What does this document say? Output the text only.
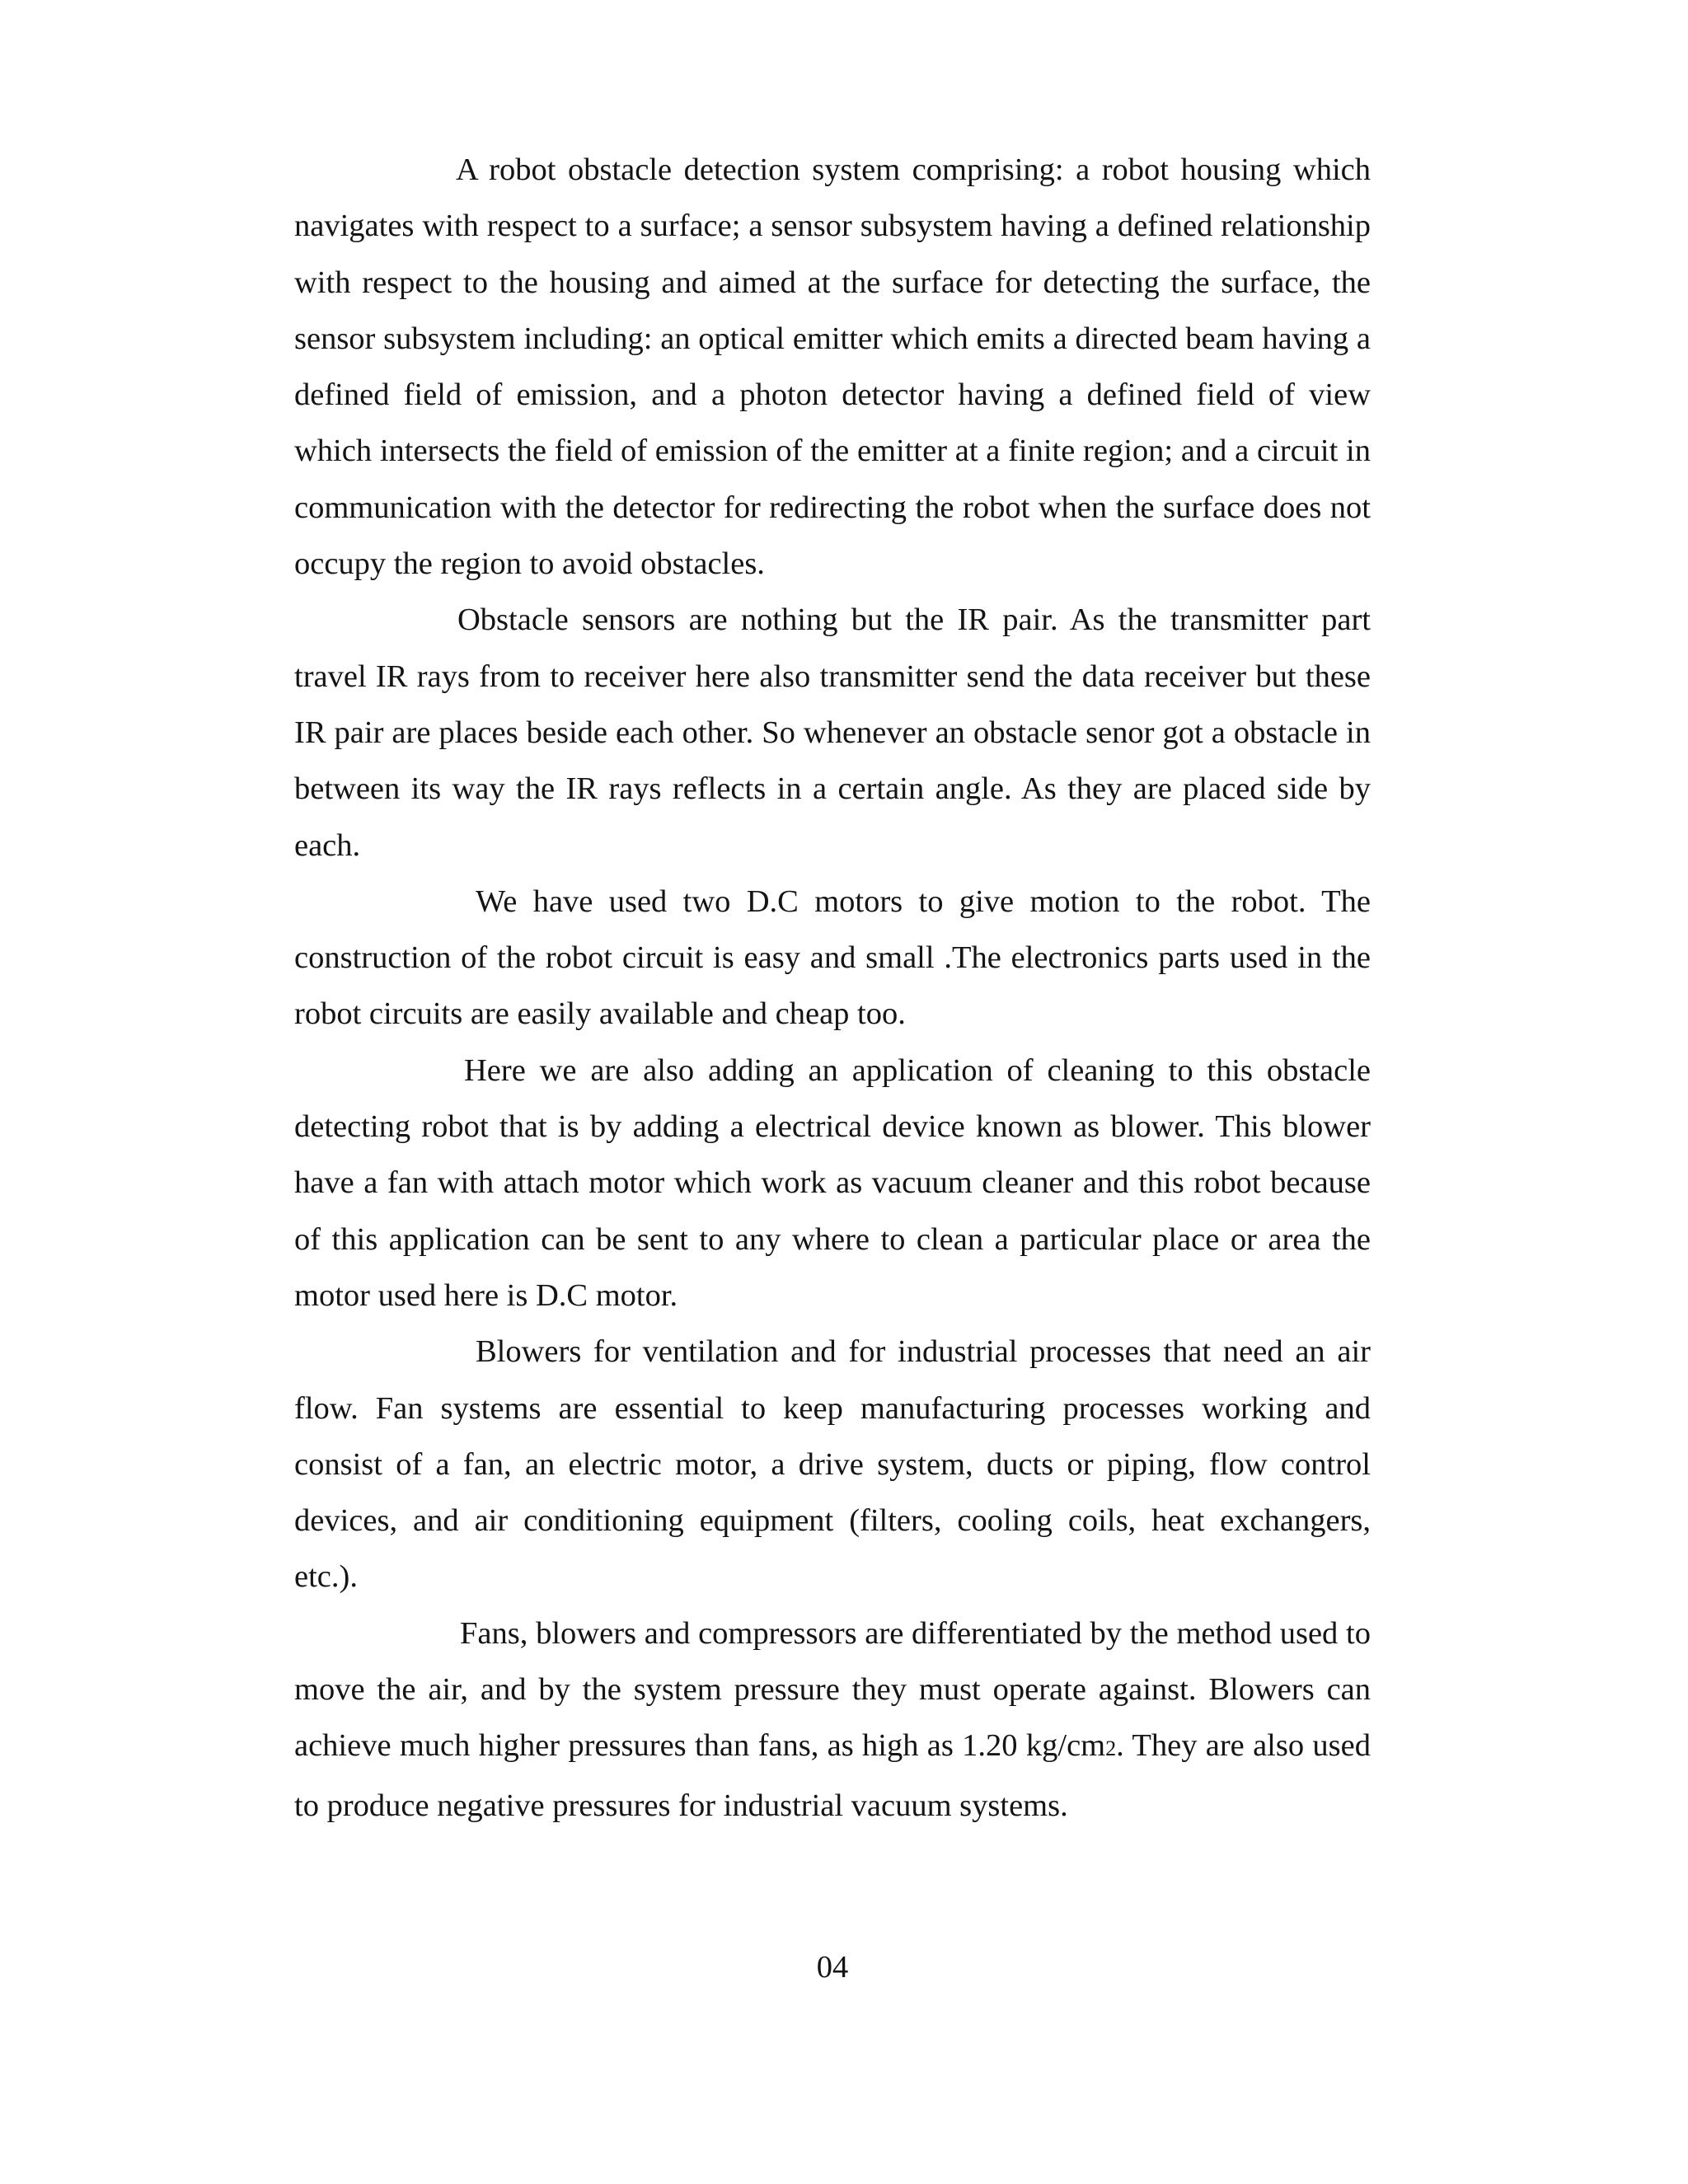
A robot obstacle detection system comprising: a robot housing which navigates with respect to a surface; a sensor subsystem having a defined relationship with respect to the housing and aimed at the surface for detecting the surface, the sensor subsystem including: an optical emitter which emits a directed beam having a defined field of emission, and a photon detector having a defined field of view which intersects the field of emission of the emitter at a finite region; and a circuit in communication with the detector for redirecting the robot when the surface does not occupy the region to avoid obstacles.

Obstacle sensors are nothing but the IR pair. As the transmitter part travel IR rays from to receiver here also transmitter send the data receiver but these IR pair are places beside each other. So whenever an obstacle senor got a obstacle in between its way the IR rays reflects in a certain angle. As they are placed side by each.

We have used two D.C motors to give motion to the robot. The construction of the robot circuit is easy and small .The electronics parts used in the robot circuits are easily available and cheap too.

Here we are also adding an application of cleaning to this obstacle detecting robot that is by adding a electrical device known as blower. This blower have a fan with attach motor which work as vacuum cleaner and this robot because of this application can be sent to any where to clean a particular place or area the motor used here is D.C motor.

Blowers for ventilation and for industrial processes that need an air flow. Fan systems are essential to keep manufacturing processes working and consist of a fan, an electric motor, a drive system, ducts or piping, flow control devices, and air conditioning equipment (filters, cooling coils, heat exchangers, etc.).

Fans, blowers and compressors are differentiated by the method used to move the air, and by the system pressure they must operate against. Blowers can achieve much higher pressures than fans, as high as 1.20 kg/cm2. They are also used to produce negative pressures for industrial vacuum systems.

04
